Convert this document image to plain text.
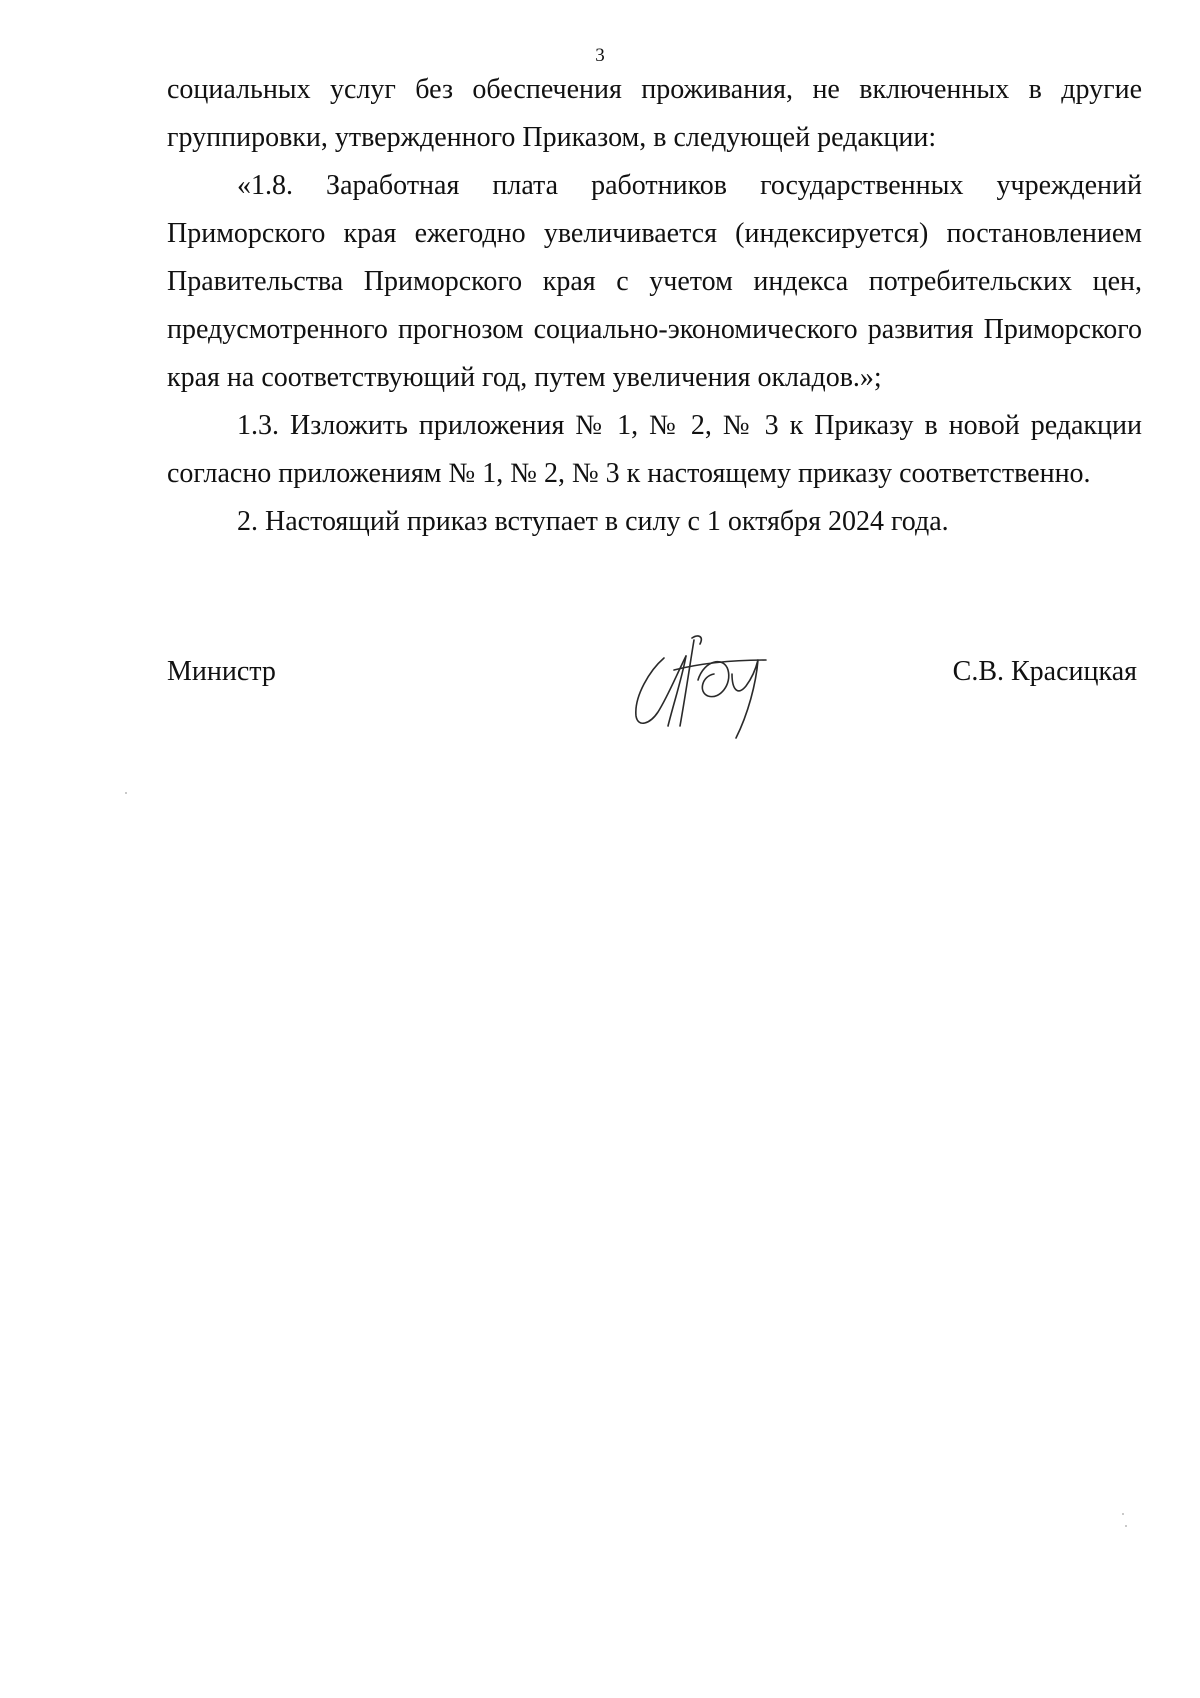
3

социальных услуг без обеспечения проживания, не включенных в другие группировки, утвержденного Приказом, в следующей редакции:

«1.8. Заработная плата работников государственных учреждений Приморского края ежегодно увеличивается (индексируется) постановлением Правительства Приморского края с учетом индекса потребительских цен, предусмотренного прогнозом социально-экономического развития Приморского края на соответствующий год, путем увеличения окладов.»;

1.3. Изложить приложения № 1, № 2, № 3 к Приказу в новой редакции согласно приложениям № 1, № 2, № 3 к настоящему приказу соответственно.

2. Настоящий приказ вступает в силу с 1 октября 2024 года.

Министр	С.В. Красицкая
